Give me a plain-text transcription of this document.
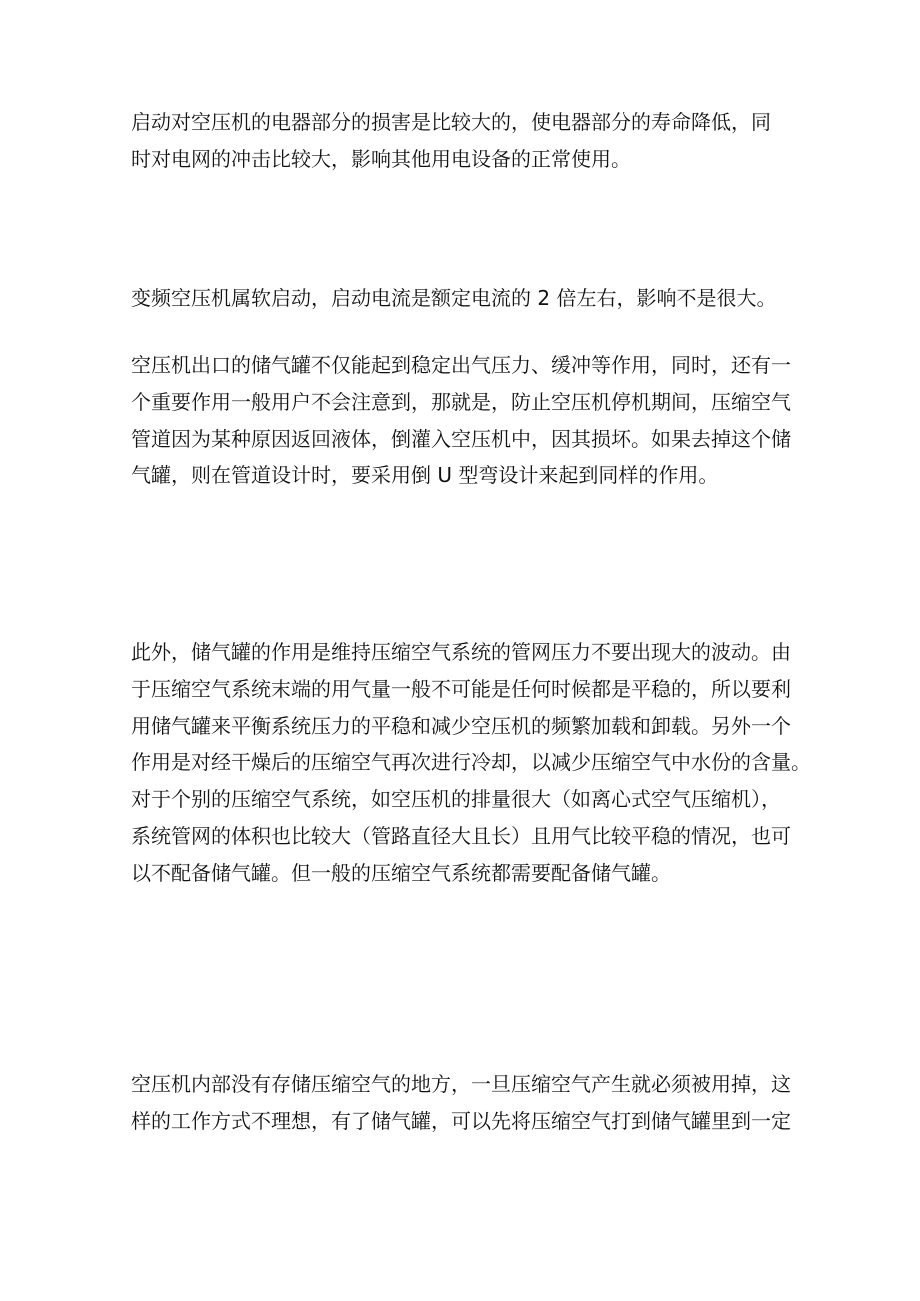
启动对空压机的电器部分的损害是比较大的，使电器部分的寿命降低，同
时对电网的冲击比较大，影响其他用电设备的正常使用。

变频空压机属软启动，启动电流是额定电流的 2 倍左右，影响不是很大。

空压机出口的储气罐不仅能起到稳定出气压力、缓冲等作用，同时，还有一
个重要作用一般用户不会注意到，那就是，防止空压机停机期间，压缩空气
管道因为某种原因返回液体，倒灌入空压机中，因其损坏。如果去掉这个储
气罐，则在管道设计时，要采用倒 U 型弯设计来起到同样的作用。

此外，储气罐的作用是维持压缩空气系统的管网压力不要出现大的波动。由
于压缩空气系统末端的用气量一般不可能是任何时候都是平稳的，所以要利
用储气罐来平衡系统压力的平稳和减少空压机的频繁加载和卸载。另外一个
作用是对经干燥后的压缩空气再次进行冷却，以减少压缩空气中水份的含量。
对于个别的压缩空气系统，如空压机的排量很大（如离心式空气压缩机），
系统管网的体积也比较大（管路直径大且长）且用气比较平稳的情况，也可
以不配备储气罐。但一般的压缩空气系统都需要配备储气罐。

空压机内部没有存储压缩空气的地方，一旦压缩空气产生就必须被用掉，这
样的工作方式不理想，有了储气罐，可以先将压缩空气打到储气罐里到一定
